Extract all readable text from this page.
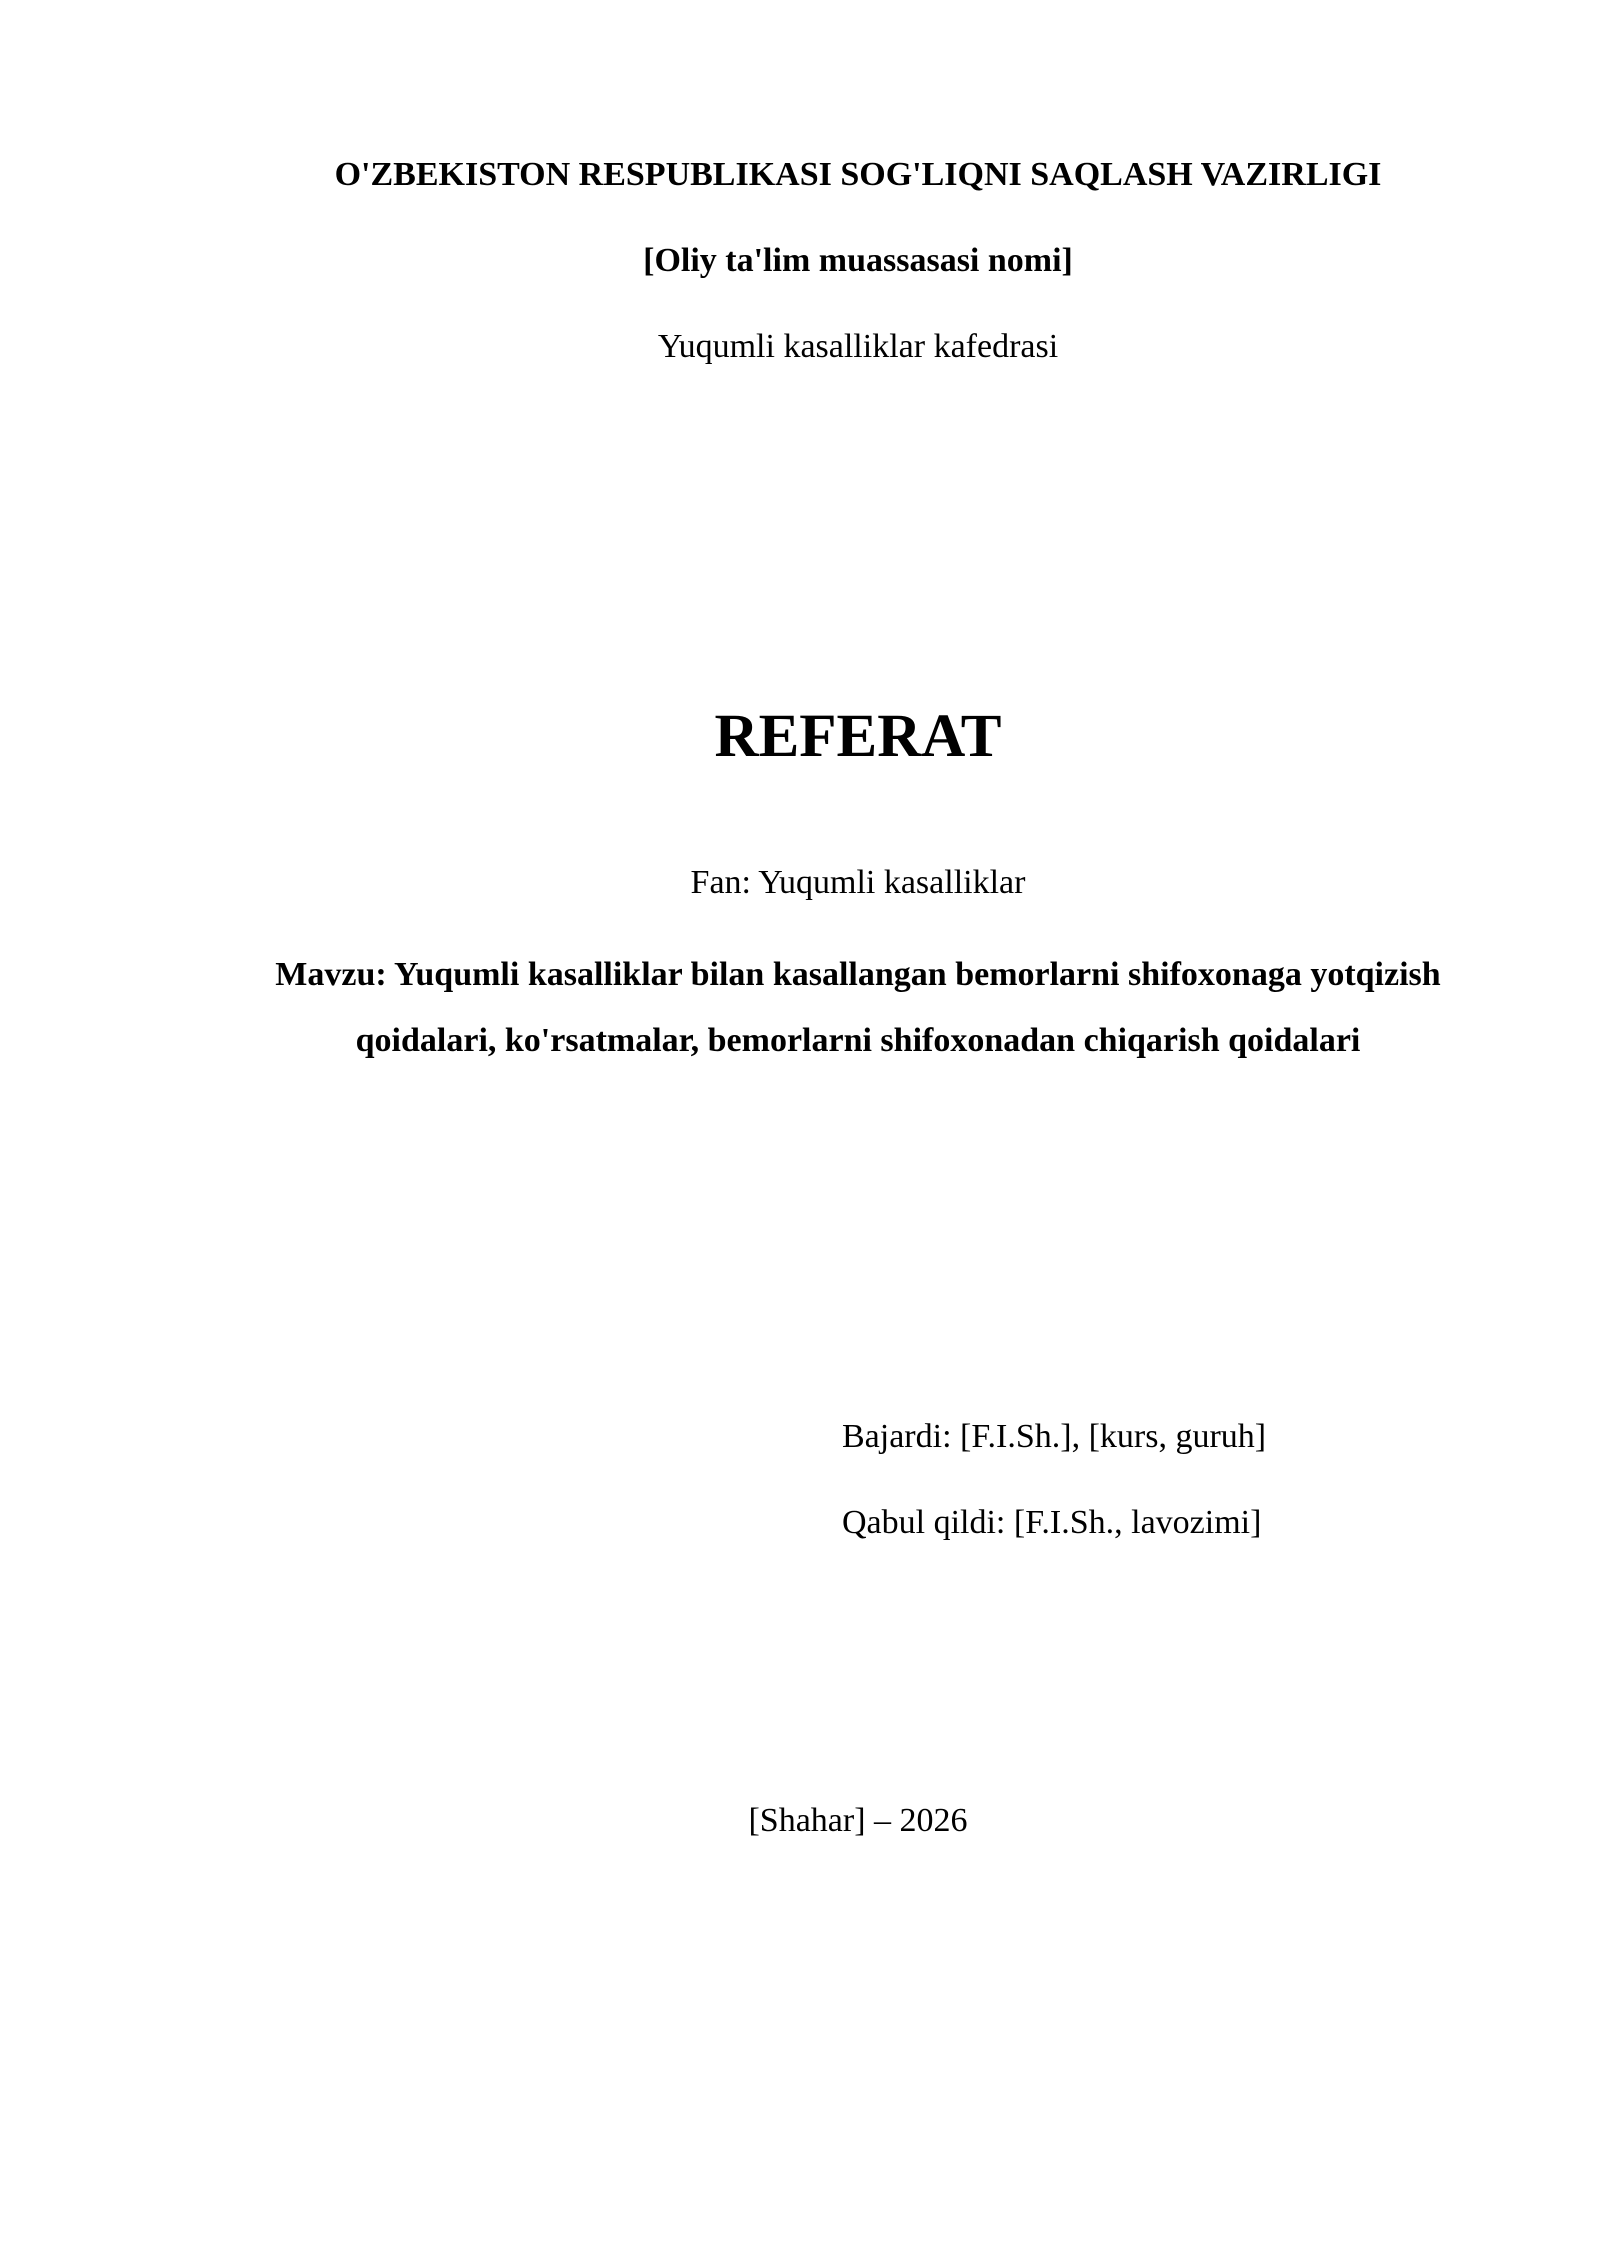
O'ZBEKISTON RESPUBLIKASI SOG'LIQNI SAQLASH VAZIRLIGI
[Oliy ta'lim muassasasi nomi]
Yuqumli kasalliklar kafedrasi
REFERAT
Fan: Yuqumli kasalliklar
Mavzu: Yuqumli kasalliklar bilan kasallangan bemorlarni shifoxonaga yotqizish qoidalari, ko'rsatmalar, bemorlarni shifoxonadan chiqarish qoidalari
Bajardi: [F.I.Sh.], [kurs, guruh]
Qabul qildi: [F.I.Sh., lavozimi]
[Shahar] – 2026
